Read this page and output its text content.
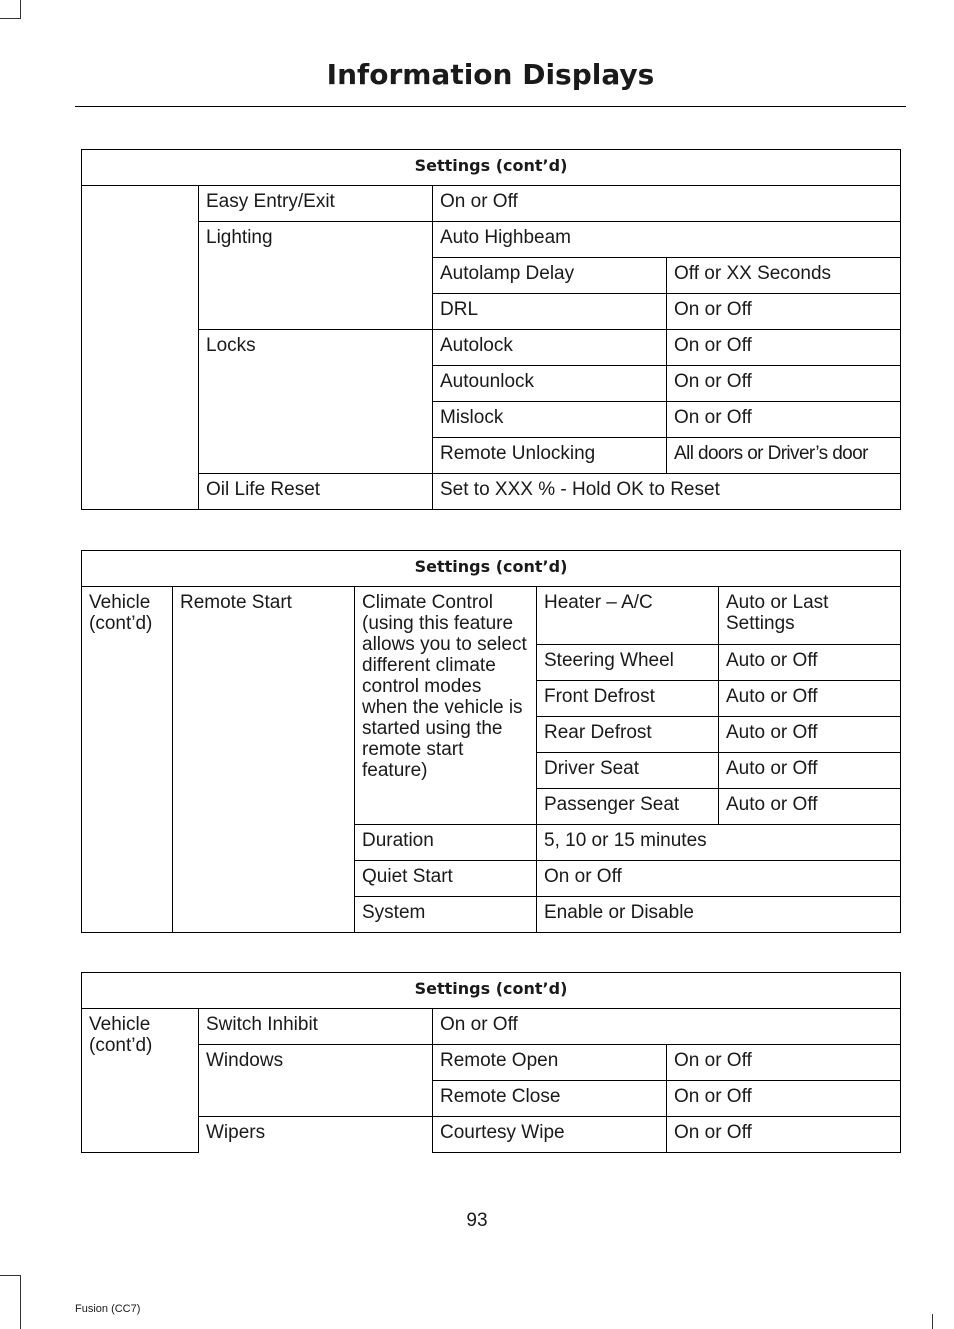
Information Displays
Settings (cont’d)			
	Easy Entry/Exit	On or Off	
	Lighting	Auto Highbeam	
		Autolamp Delay	Off or XX Seconds
		DRL	On or Off
	Locks	Autolock	On or Off
		Autounlock	On or Off
		Mislock	On or Off
		Remote Unlocking	All doors or Driver’s door
	Oil Life Reset	Set to XXX % - Hold OK to Reset	
Settings (cont’d)				
Vehicle (cont’d)	Remote Start	Climate Control (using this feature allows you to select different climate control modes when the vehicle is started using the remote start feature)	Heater – A/C	Auto or Last Settings
			Steering Wheel	Auto or Off
			Front Defrost	Auto or Off
			Rear Defrost	Auto or Off
			Driver Seat	Auto or Off
			Passenger Seat	Auto or Off
		Duration	5, 10 or 15 minutes	
		Quiet Start	On or Off	
		System	Enable or Disable	
Settings (cont’d)			
Vehicle (cont’d)	Switch Inhibit	On or Off	
	Windows	Remote Open	On or Off
		Remote Close	On or Off
	Wipers	Courtesy Wipe	On or Off
93
Fusion (CC7)
